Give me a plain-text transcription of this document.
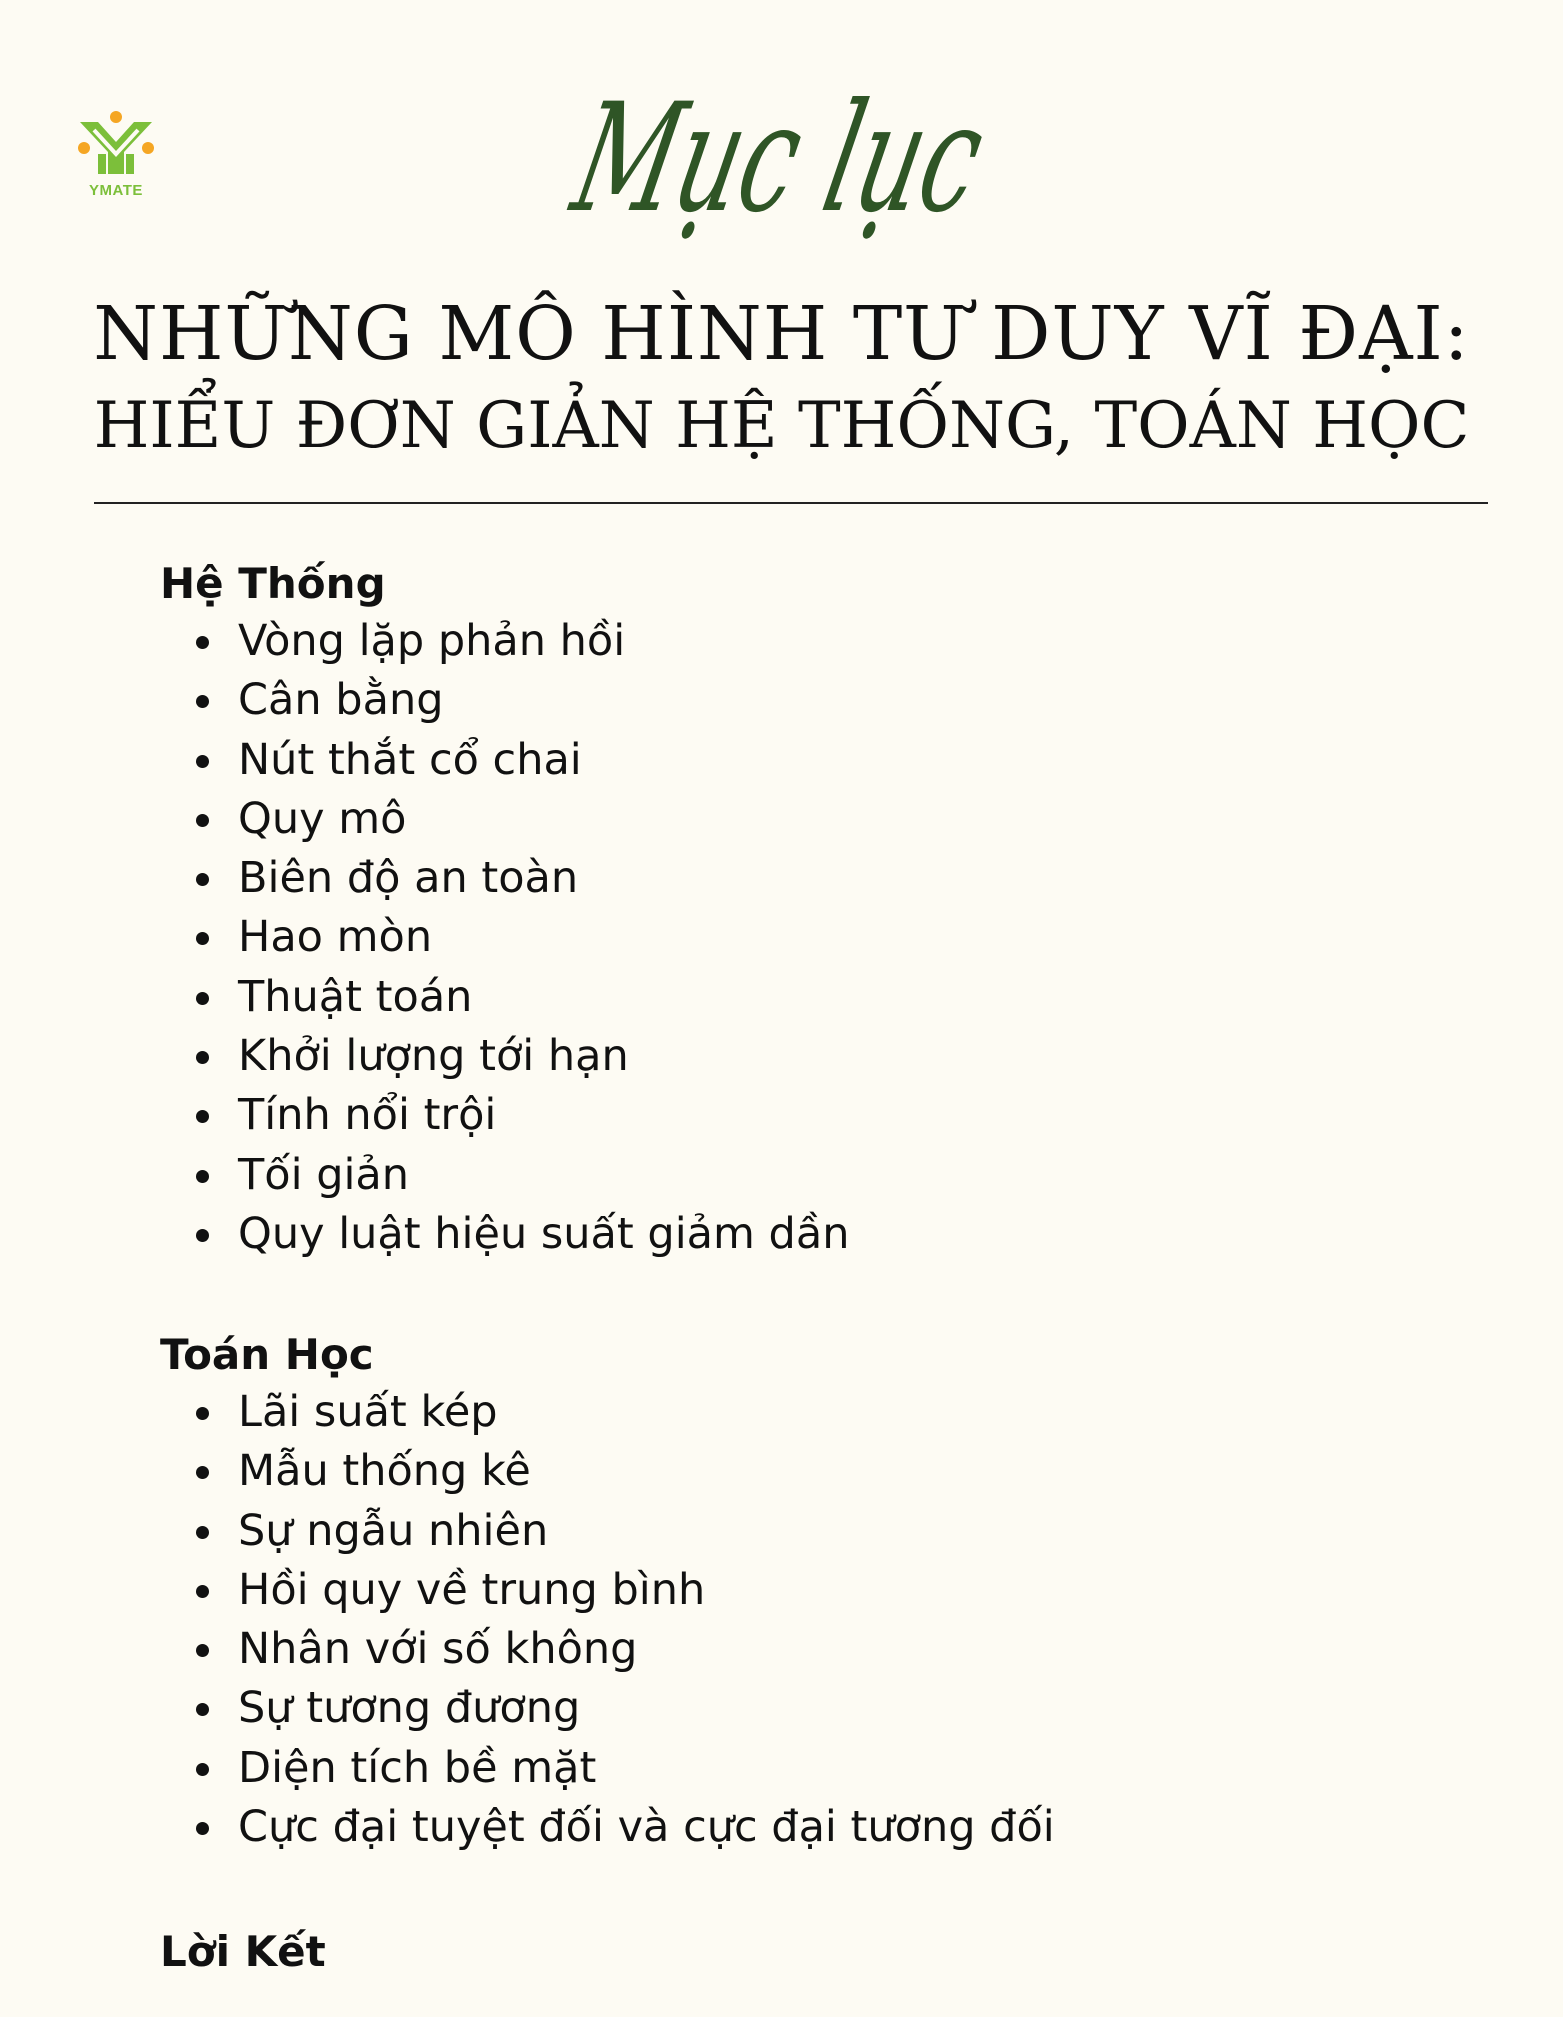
YMATE	Mục lục
NHỮNG MÔ HÌNH TƯ DUY VĨ ĐẠI:
HIỂU ĐƠN GIẢN HỆ THỐNG, TOÁN HỌC
Hệ Thống
Vòng lặp phản hồi
Cân bằng
Nút thắt cổ chai
Quy mô
Biên độ an toàn
Hao mòn
Thuật toán
Khởi lượng tới hạn
Tính nổi trội
Tối giản
Quy luật hiệu suất giảm dần
Toán Học
Lãi suất kép
Mẫu thống kê
Sự ngẫu nhiên
Hồi quy về trung bình
Nhân với số không
Sự tương đương
Diện tích bề mặt
Cực đại tuyệt đối và cực đại tương đối
Lời Kết
